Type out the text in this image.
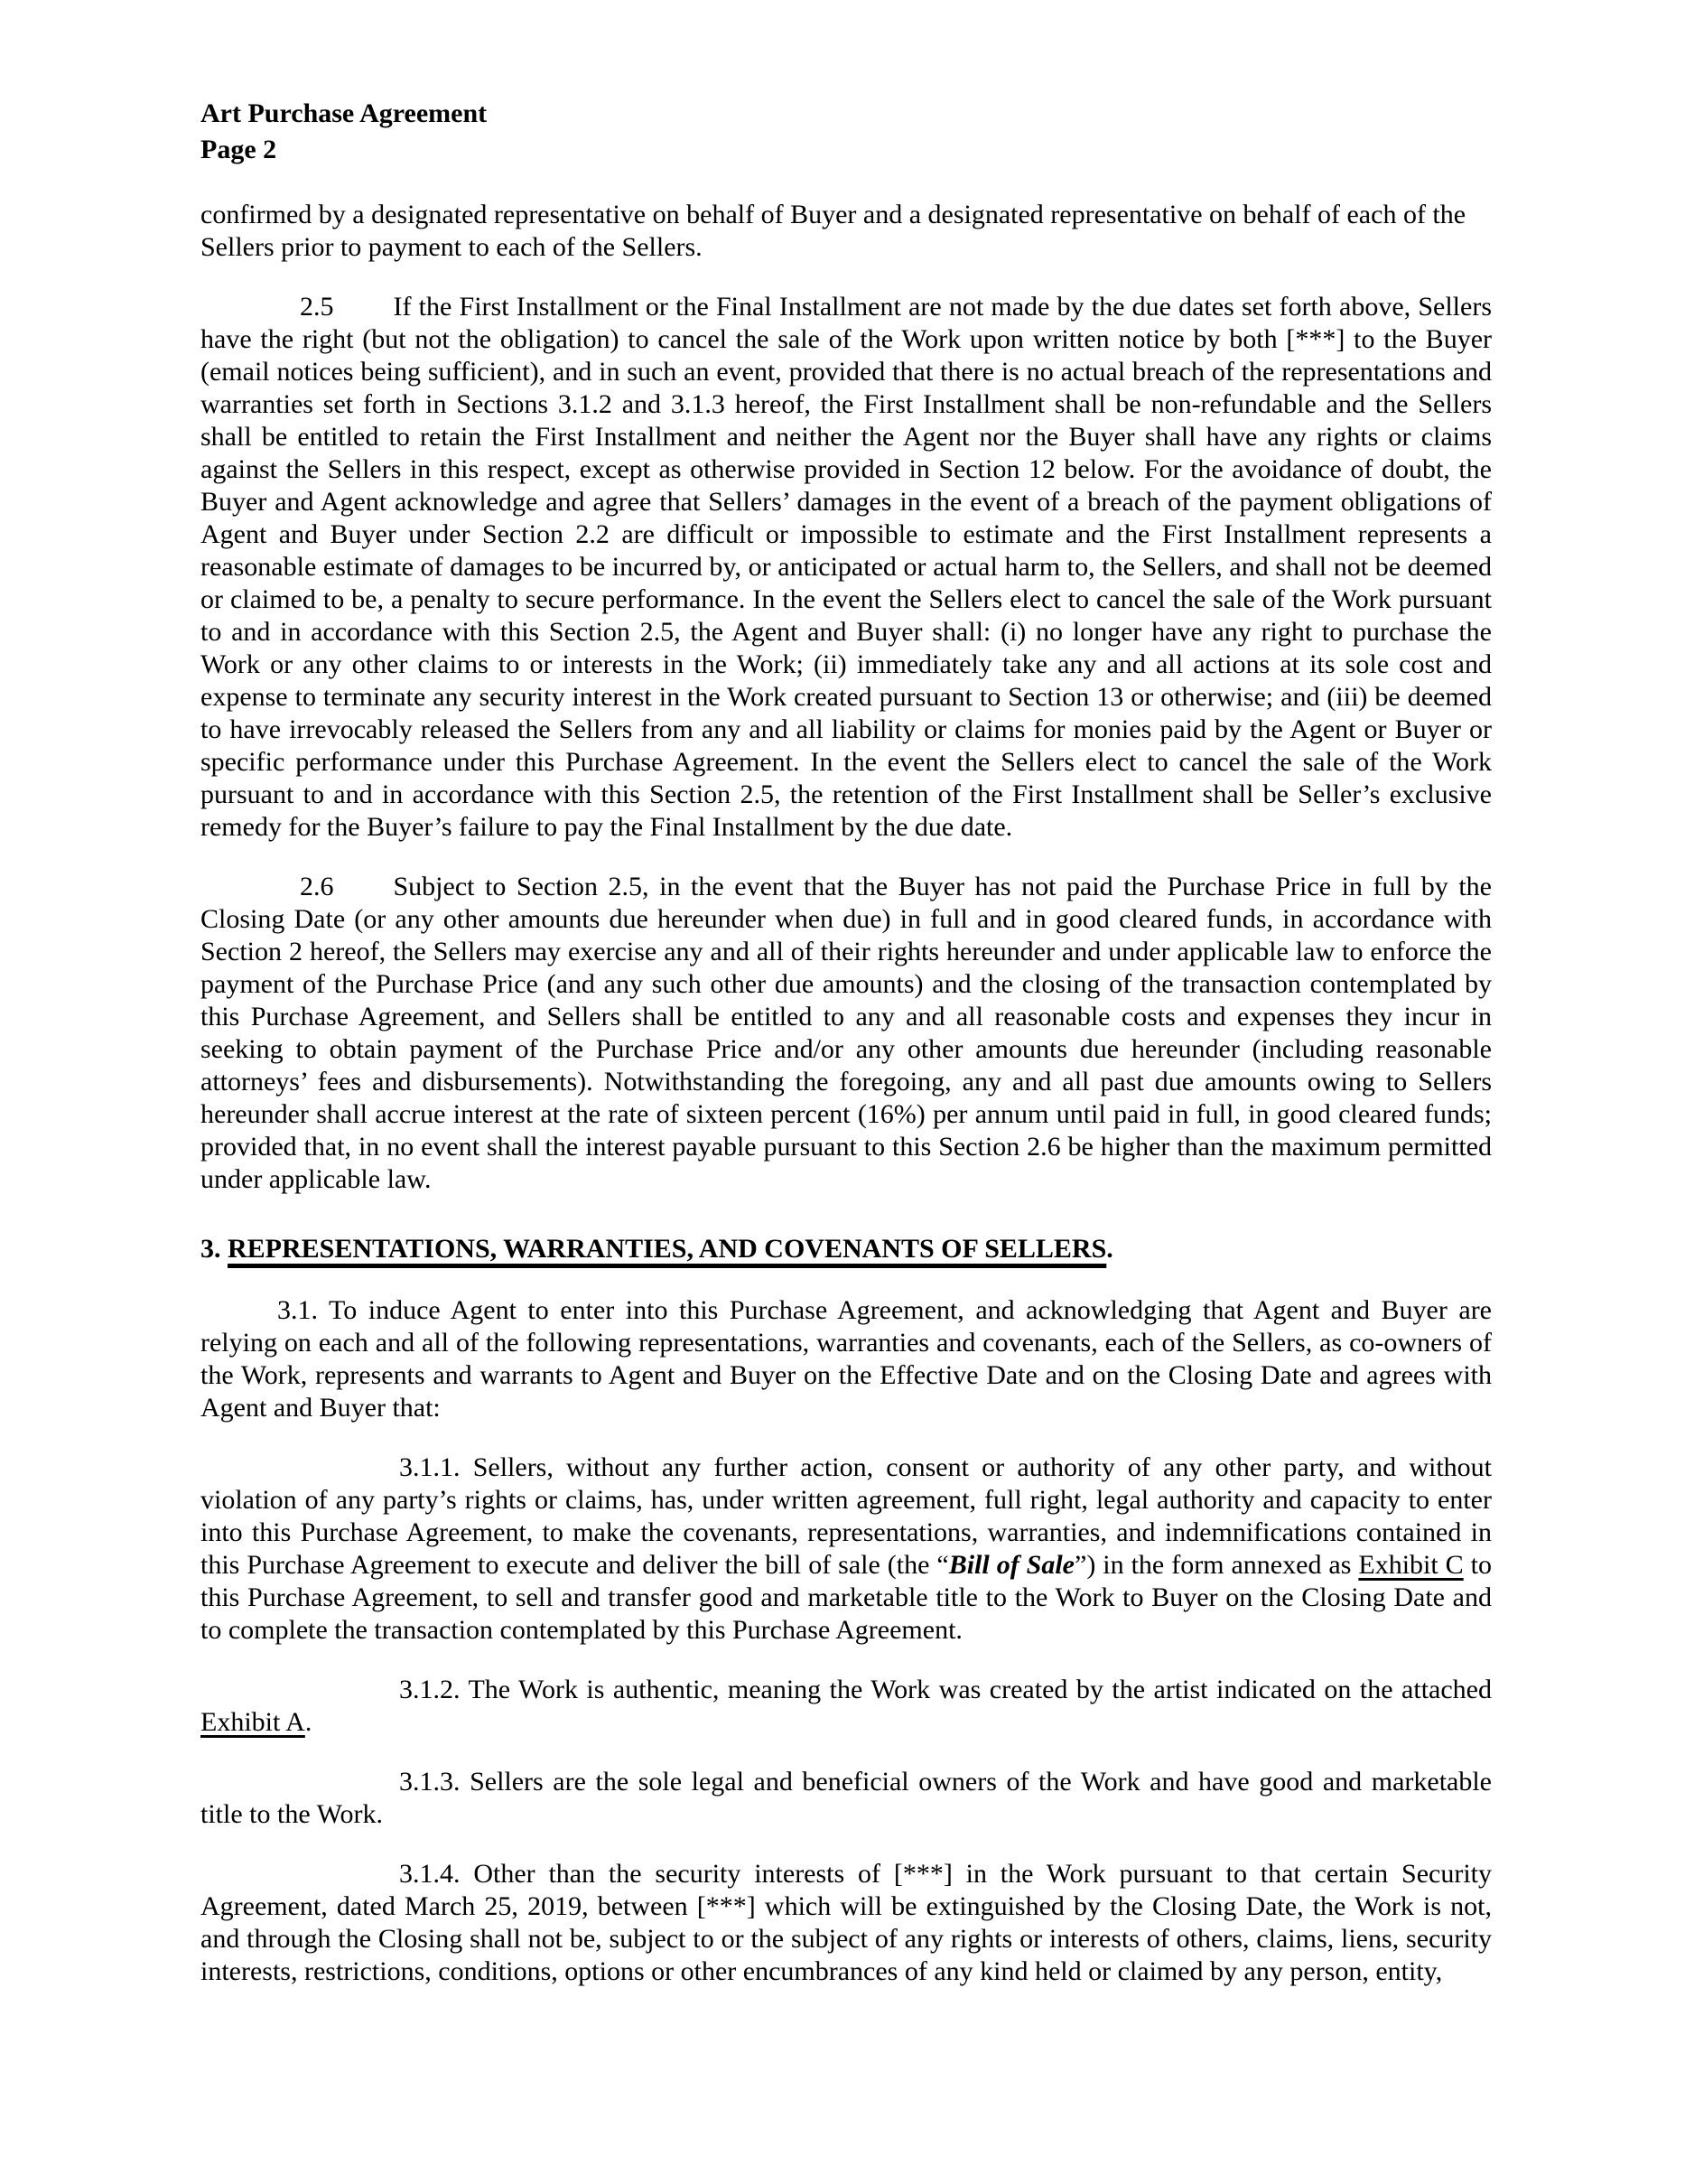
Art Purchase Agreement
Page 2

confirmed by a designated representative on behalf of Buyer and a designated representative on behalf of each of the Sellers prior to payment to each of the Sellers.

2.5 If the First Installment or the Final Installment are not made by the due dates set forth above, Sellers have the right (but not the obligation) to cancel the sale of the Work upon written notice by both [***] to the Buyer (email notices being sufficient), and in such an event, provided that there is no actual breach of the representations and warranties set forth in Sections 3.1.2 and 3.1.3 hereof, the First Installment shall be non-refundable and the Sellers shall be entitled to retain the First Installment and neither the Agent nor the Buyer shall have any rights or claims against the Sellers in this respect, except as otherwise provided in Section 12 below. For the avoidance of doubt, the Buyer and Agent acknowledge and agree that Sellers’ damages in the event of a breach of the payment obligations of Agent and Buyer under Section 2.2 are difficult or impossible to estimate and the First Installment represents a reasonable estimate of damages to be incurred by, or anticipated or actual harm to, the Sellers, and shall not be deemed or claimed to be, a penalty to secure performance. In the event the Sellers elect to cancel the sale of the Work pursuant to and in accordance with this Section 2.5, the Agent and Buyer shall: (i) no longer have any right to purchase the Work or any other claims to or interests in the Work; (ii) immediately take any and all actions at its sole cost and expense to terminate any security interest in the Work created pursuant to Section 13 or otherwise; and (iii) be deemed to have irrevocably released the Sellers from any and all liability or claims for monies paid by the Agent or Buyer or specific performance under this Purchase Agreement. In the event the Sellers elect to cancel the sale of the Work pursuant to and in accordance with this Section 2.5, the retention of the First Installment shall be Seller’s exclusive remedy for the Buyer’s failure to pay the Final Installment by the due date.

2.6 Subject to Section 2.5, in the event that the Buyer has not paid the Purchase Price in full by the Closing Date (or any other amounts due hereunder when due) in full and in good cleared funds, in accordance with Section 2 hereof, the Sellers may exercise any and all of their rights hereunder and under applicable law to enforce the payment of the Purchase Price (and any such other due amounts) and the closing of the transaction contemplated by this Purchase Agreement, and Sellers shall be entitled to any and all reasonable costs and expenses they incur in seeking to obtain payment of the Purchase Price and/or any other amounts due hereunder (including reasonable attorneys’ fees and disbursements). Notwithstanding the foregoing, any and all past due amounts owing to Sellers hereunder shall accrue interest at the rate of sixteen percent (16%) per annum until paid in full, in good cleared funds; provided that, in no event shall the interest payable pursuant to this Section 2.6 be higher than the maximum permitted under applicable law.

3. REPRESENTATIONS, WARRANTIES, AND COVENANTS OF SELLERS.

3.1. To induce Agent to enter into this Purchase Agreement, and acknowledging that Agent and Buyer are relying on each and all of the following representations, warranties and covenants, each of the Sellers, as co-owners of the Work, represents and warrants to Agent and Buyer on the Effective Date and on the Closing Date and agrees with Agent and Buyer that:

3.1.1. Sellers, without any further action, consent or authority of any other party, and without violation of any party’s rights or claims, has, under written agreement, full right, legal authority and capacity to enter into this Purchase Agreement, to make the covenants, representations, warranties, and indemnifications contained in this Purchase Agreement to execute and deliver the bill of sale (the “Bill of Sale”) in the form annexed as Exhibit C to this Purchase Agreement, to sell and transfer good and marketable title to the Work to Buyer on the Closing Date and to complete the transaction contemplated by this Purchase Agreement.

3.1.2. The Work is authentic, meaning the Work was created by the artist indicated on the attached Exhibit A.

3.1.3. Sellers are the sole legal and beneficial owners of the Work and have good and marketable title to the Work.

3.1.4. Other than the security interests of [***] in the Work pursuant to that certain Security Agreement, dated March 25, 2019, between [***] which will be extinguished by the Closing Date, the Work is not, and through the Closing shall not be, subject to or the subject of any rights or interests of others, claims, liens, security interests, restrictions, conditions, options or other encumbrances of any kind held or claimed by any person, entity,
